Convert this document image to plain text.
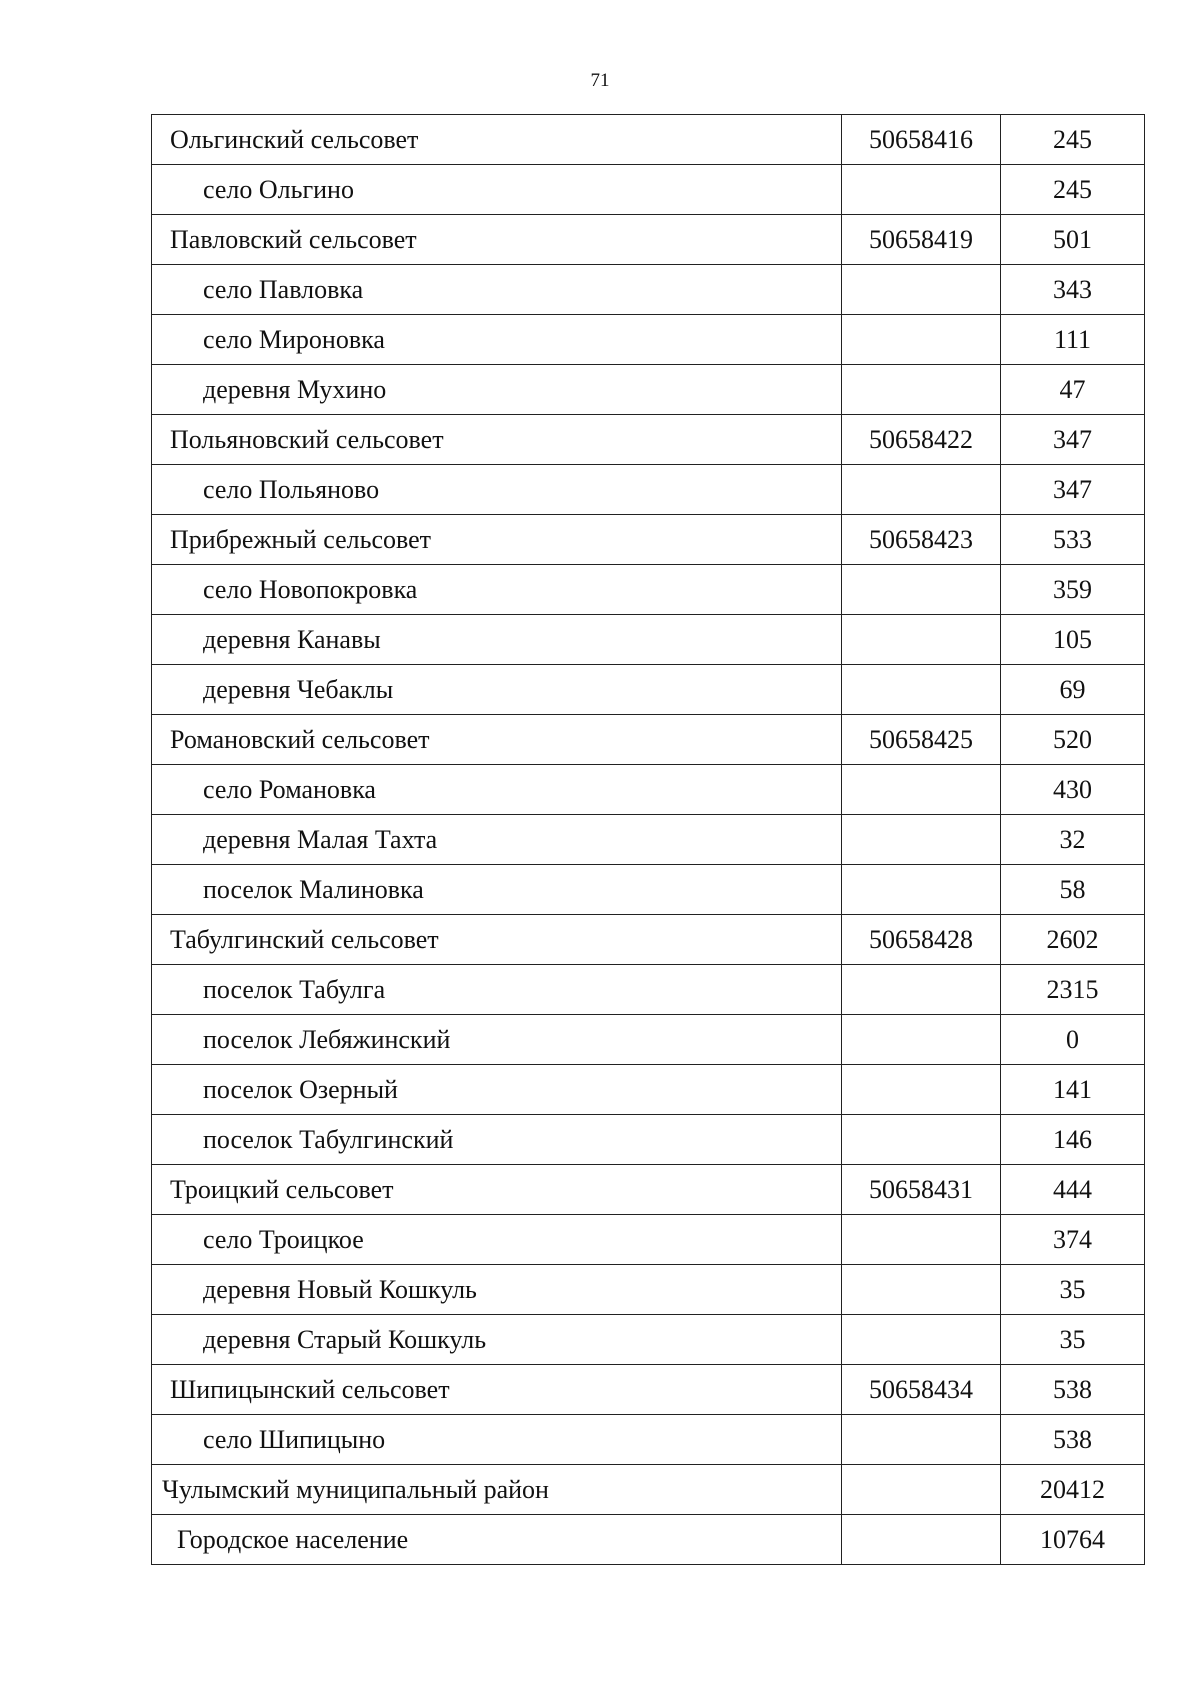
71
Ольгинский сельсовет	50658416	245
село Ольгино		245
Павловский сельсовет	50658419	501
село Павловка		343
село Мироновка		111
деревня Мухино		47
Польяновский сельсовет	50658422	347
село Польяново		347
Прибрежный сельсовет	50658423	533
село Новопокровка		359
деревня Канавы		105
деревня Чебаклы		69
Романовский сельсовет	50658425	520
село Романовка		430
деревня Малая Тахта		32
поселок Малиновка		58
Табулгинский сельсовет	50658428	2602
поселок Табулга		2315
поселок Лебяжинский		0
поселок Озерный		141
поселок Табулгинский		146
Троицкий сельсовет	50658431	444
село Троицкое		374
деревня Новый Кошкуль		35
деревня Старый Кошкуль		35
Шипицынский сельсовет	50658434	538
село Шипицыно		538
Чулымский муниципальный район		20412
Городское население		10764
